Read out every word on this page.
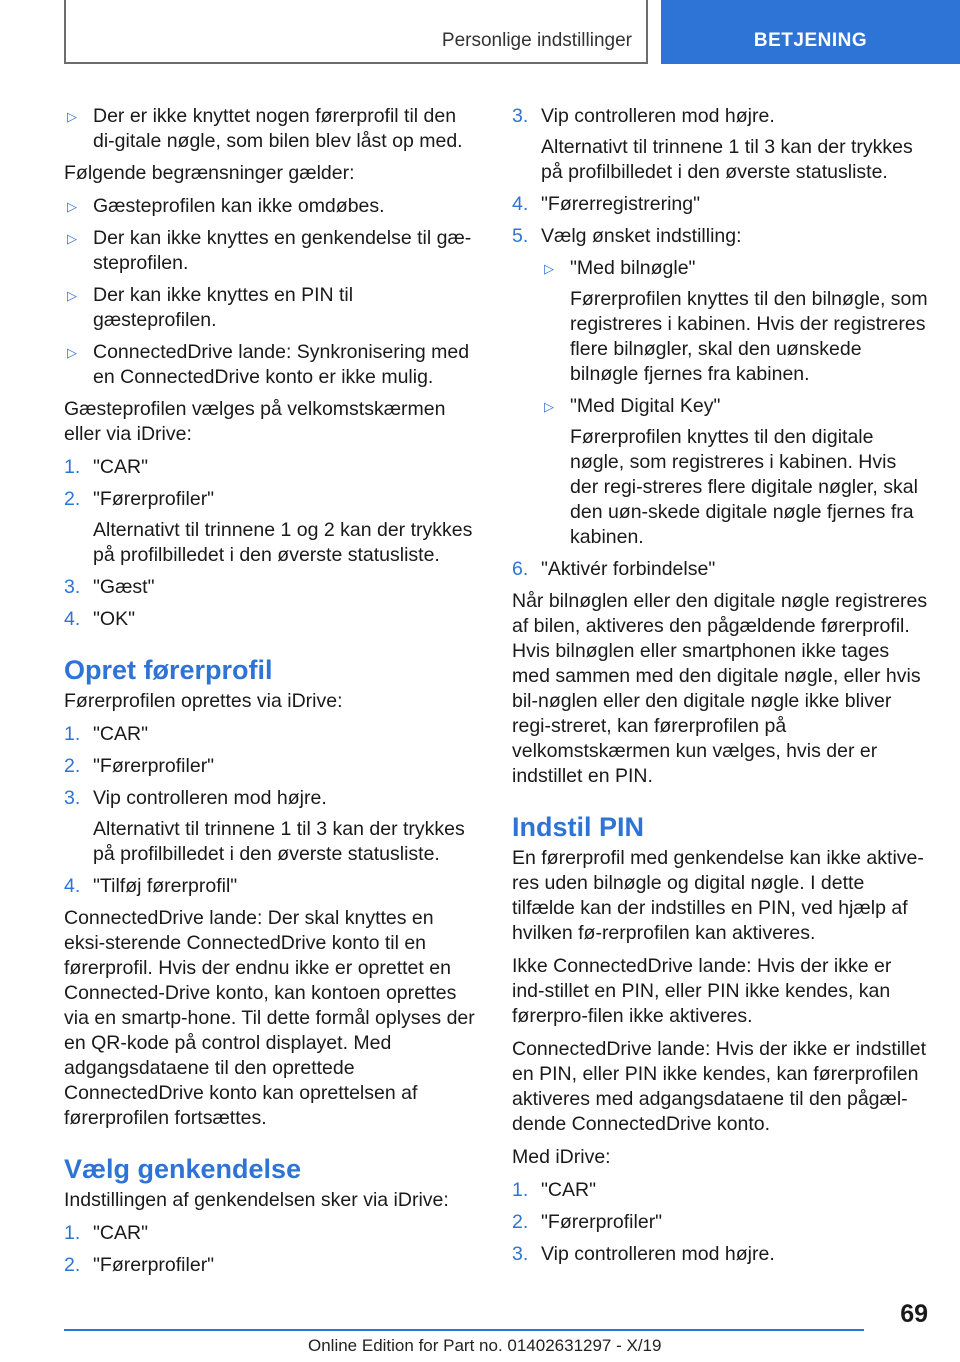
Personlige indstillinger	BETJENING
▷ Der er ikke knyttet nogen førerprofil til den di‐gitale nøgle, som bilen blev låst op med.

Følgende begrænsninger gælder:

▷ Gæsteprofilen kan ikke omdøbes.
▷ Der kan ikke knyttes en genkendelse til gæ‐steprofilen.
▷ Der kan ikke knyttes en PIN til gæsteprofilen.
▷ ConnectedDrive lande: Synkronisering med en ConnectedDrive konto er ikke mulig.

Gæsteprofilen vælges på velkomstskærmen eller via iDrive:

1. "CAR"
2. "Førerprofiler"
Alternativt til trinnene 1 og 2 kan der trykkes på profilbilledet i den øverste statusliste.
3. "Gæst"
4. "OK"
Opret førerprofil

Førerprofilen oprettes via iDrive:

1. "CAR"
2. "Førerprofiler"
3. Vip controlleren mod højre.
Alternativt til trinnene 1 til 3 kan der trykkes på profilbilledet i den øverste statusliste.
4. "Tilføj førerprofil"

ConnectedDrive lande: Der skal knyttes en eksi‐sterende ConnectedDrive konto til en førerprofil. Hvis der endnu ikke er oprettet en Connected‐Drive konto, kan kontoen oprettes via en smartp‐hone. Til dette formål oplyses der en QR-kode på control displayet. Med adgangsdataene til den oprettede ConnectedDrive konto kan oprettelsen af førerprofilen fortsættes.

Vælg genkendelse

Indstillingen af genkendelsen sker via iDrive:

1. "CAR"
2. "Førerprofiler"
3. Vip controlleren mod højre.
Alternativt til trinnene 1 til 3 kan der trykkes på profilbilledet i den øverste statusliste.
4. "Førerregistrering"
5. Vælg ønsket indstilling:
▷ "Med bilnøgle"
Førerprofilen knyttes til den bilnøgle, som registreres i kabinen. Hvis der registreres flere bilnøgler, skal den uønskede bilnøgle fjernes fra kabinen.
▷ "Med Digital Key"
Førerprofilen knyttes til den digitale nøgle, som registreres i kabinen. Hvis der regi‐streres flere digitale nøgler, skal den uøn‐skede digitale nøgle fjernes fra kabinen.
6. "Aktivér forbindelse"

Når bilnøglen eller den digitale nøgle registreres af bilen, aktiveres den pågældende førerprofil. Hvis bilnøglen eller smartphonen ikke tages med sammen med den digitale nøgle, eller hvis bil‐nøglen eller den digitale nøgle ikke bliver regi‐streret, kan førerprofilen på velkomstskærmen kun vælges, hvis der er indstillet en PIN.

Indstil PIN

En førerprofil med genkendelse kan ikke aktive‐res uden bilnøgle og digital nøgle. I dette tilfælde kan der indstilles en PIN, ved hjælp af hvilken fø‐rerprofilen kan aktiveres.

Ikke ConnectedDrive lande: Hvis der ikke er ind‐stillet en PIN, eller PIN ikke kendes, kan førerpro‐filen ikke aktiveres.

ConnectedDrive lande: Hvis der ikke er indstillet en PIN, eller PIN ikke kendes, kan førerprofilen aktiveres med adgangsdataene til den pågæl‐dende ConnectedDrive konto.

Med iDrive:

1. "CAR"
2. "Førerprofiler"
3. Vip controlleren mod højre.
69
Online Edition for Part no. 01402631297 - X/19
